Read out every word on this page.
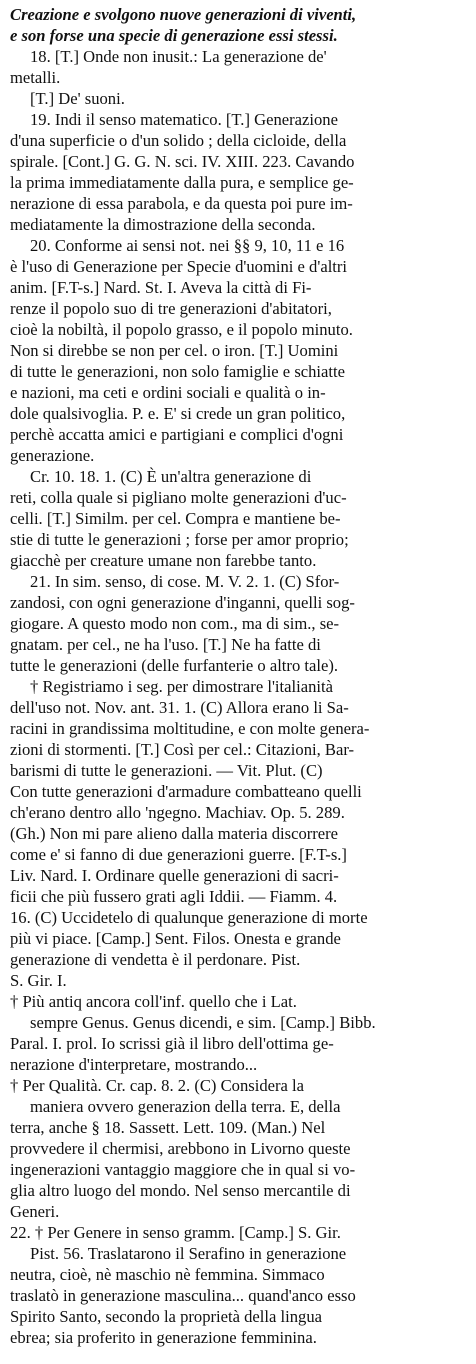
Creazione e svolgono nuove generazioni di viventi,
e son forse una specie di generazione essi stessi.
18. [T.] Onde non inusit.: La generazione de'
metalli.
[T.] De' suoni.
19. Indi il senso matematico. [T.] Generazione
d'una superficie o d'un solido ; della cicloide, della
spirale. [Cont.] G. G. N. sci. IV. XIII. 223. Cavando
la prima immediatamente dalla pura, e semplice ge-
nerazione di essa parabola, e da questa poi pure im-
mediatamente la dimostrazione della seconda.
20. Conforme ai sensi not. nei §§ 9, 10, 11 e 16
è l'uso di Generazione per Specie d'uomini e d'altri
anim. [F.T-s.] Nard. St. I. Aveva la città di Fi-
renze il popolo suo di tre generazioni d'abitatori,
cioè la nobiltà, il popolo grasso, e il popolo minuto.
Non si direbbe se non per cel. o iron. [T.] Uomini
di tutte le generazioni, non solo famiglie e schiatte
e nazioni, ma ceti e ordini sociali e qualità o in-
dole qualsivoglia. P. e. E' si crede un gran politico,
perchè accatta amici e partigiani e complici d'ogni
generazione.
Cr. 10. 18. 1. (C) È un'altra generazione di
reti, colla quale si pigliano molte generazioni d'uc-
celli. [T.] Similm. per cel. Compra e mantiene be-
stie di tutte le generazioni ; forse per amor proprio;
giacchè per creature umane non farebbe tanto.
21. In sim. senso, di cose. M. V. 2. 1. (C) Sfor-
zandosi, con ogni generazione d'inganni, quelli sog-
giogare. A questo modo non com., ma di sim., se-
gnatam. per cel., ne ha l'uso. [T.] Ne ha fatte di
tutte le generazioni (delle furfanterie o altro tale).
† Registriamo i seg. per dimostrare l'italianità
dell'uso not. Nov. ant. 31. 1. (C) Allora erano li Sa-
racini in grandissima moltitudine, e con molte genera-
zioni di stormenti. [T.] Così per cel.: Citazioni, Bar-
barismi di tutte le generazioni. — Vit. Plut. (C)
Con tutte generazioni d'armadure combatteano quelli
ch'erano dentro allo 'ngegno. Machiav. Op. 5. 289.
(Gh.) Non mi pare alieno dalla materia discorrere
come e' si fanno di due generazioni guerre. [F.T-s.]
Liv. Nard. I. Ordinare quelle generazioni di sacri-
ficii che più fussero grati agli Iddii. — Fiamm. 4.
16. (C) Uccidetelo di qualunque generazione di morte
più vi piace. [Camp.] Sent. Filos. Onesta e grande
generazione di vendetta è il perdonare. Pist.
S. Gir. I.
† Più antiq ancora coll'inf. quello che i Lat.
sempre Genus. Genus dicendi, e sim. [Camp.] Bibb.
Paral. I. prol. Io scrissi già il libro dell'ottima ge-
nerazione d'interpretare, mostrando...
† Per Qualità. Cr. cap. 8. 2. (C) Considera la
maniera ovvero generazion della terra. E, della
terra, anche § 18. Sassett. Lett. 109. (Man.) Nel
provvedere il chermisi, arebbono in Livorno queste
ingenerazioni vantaggio maggiore che in qual si vo-
glia altro luogo del mondo. Nel senso mercantile di
Generi.
22. † Per Genere in senso gramm. [Camp.] S. Gir.
Pist. 56. Traslatarono il Serafino in generazione
neutra, cioè, nè maschio nè femmina. Simmaco
traslatò in generazione masculina... quand'anco esso
Spirito Santo, secondo la proprietà della lingua
ebrea; sia proferito in generazione femminina.
